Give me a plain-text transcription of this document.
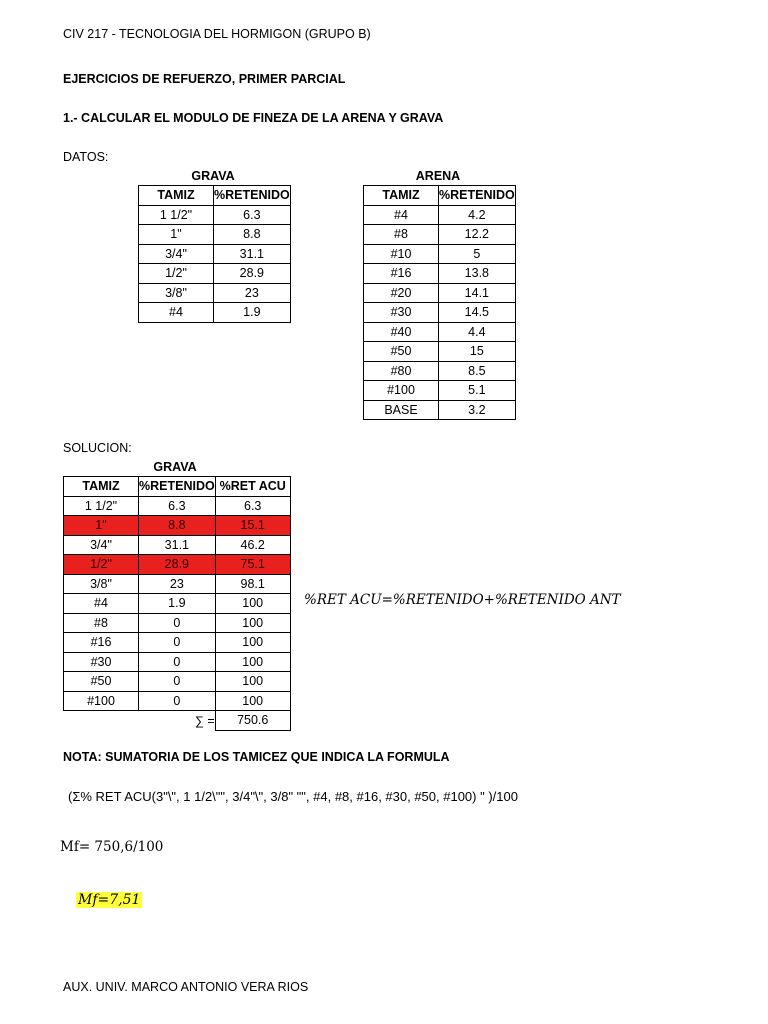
CIV 217 - TECNOLOGIA DEL HORMIGON (GRUPO B)
EJERCICIOS DE REFUERZO, PRIMER PARCIAL
1.- CALCULAR EL MODULO DE FINEZA DE LA ARENA Y GRAVA
DATOS:
GRAVA
TAMIZ	%RETENIDO
1 1/2"	6.3
1"	8.8
3/4"	31.1
1/2"	28.9
3/8"	23
#4	1.9
ARENA
TAMIZ	%RETENIDO
#4	4.2
#8	12.2
#10	5
#16	13.8
#20	14.1
#30	14.5
#40	4.4
#50	15
#80	8.5
#100	5.1
BASE	3.2
SOLUCION:
GRAVA
TAMIZ	%RETENIDO	%RET ACU
1 1/2"	6.3	6.3
1"	8.8	15.1
3/4"	31.1	46.2
1/2"	28.9	75.1
3/8"	23	98.1
#4	1.9	100
#8	0	100
#16	0	100
#30	0	100
#50	0	100
#100	0	100
	∑ =	750.6
%RET ACU=%RETENIDO+%RETENIDO ANT
NOTA: SUMATORIA DE LOS TAMICEZ QUE INDICA LA FORMULA
(Σ% RET ACU(3"\", 1 1/2\"", 3/4"\", 3/8" "", #4, #8, #16, #30, #50, #100) " )/100
Mf= 750,6/100
Mf=7,51
AUX. UNIV. MARCO ANTONIO VERA RIOS
